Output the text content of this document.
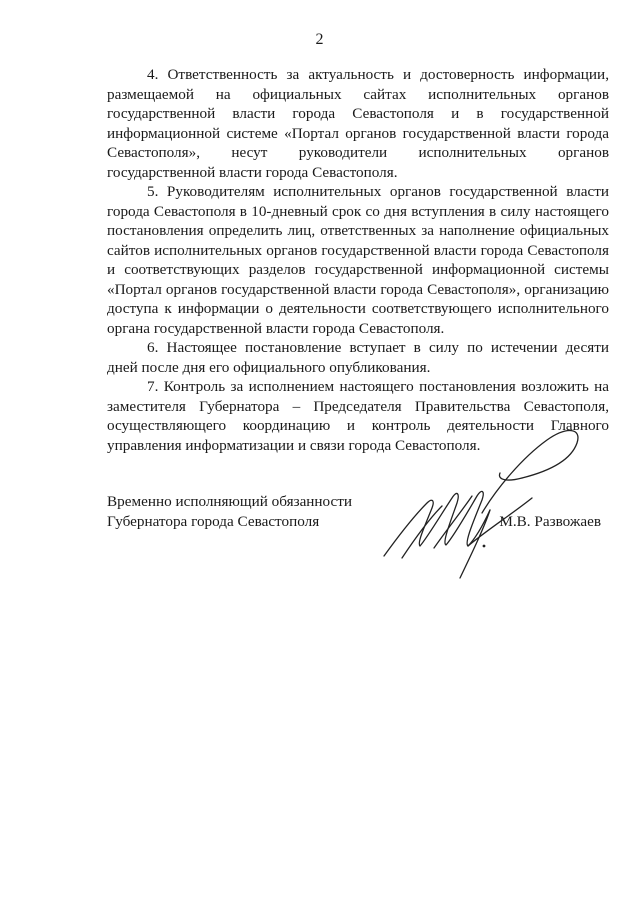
2

4. Ответственность за актуальность и достоверность информации, размещаемой на официальных сайтах исполнительных органов государственной власти города Севастополя и в государственной информационной системе «Портал органов государственной власти города Севастополя», несут руководители исполнительных органов государственной власти города Севастополя.

5. Руководителям исполнительных органов государственной власти города Севастополя в 10-дневный срок со дня вступления в силу настоящего постановления определить лиц, ответственных за наполнение официальных сайтов исполнительных органов государственной власти города Севастополя и соответствующих разделов государственной информационной системы «Портал органов государственной власти города Севастополя», организацию доступа к информации о деятельности соответствующего исполнительного органа государственной власти города Севастополя.

6. Настоящее постановление вступает в силу по истечении десяти дней после дня его официального опубликования.

7. Контроль за исполнением настоящего постановления возложить на заместителя Губернатора – Председателя Правительства Севастополя, осуществляющего координацию и контроль деятельности Главного управления информатизации и связи города Севастополя.

Временно исполняющий обязанности
Губернатора города Севастополя	М.В. Развожаев
